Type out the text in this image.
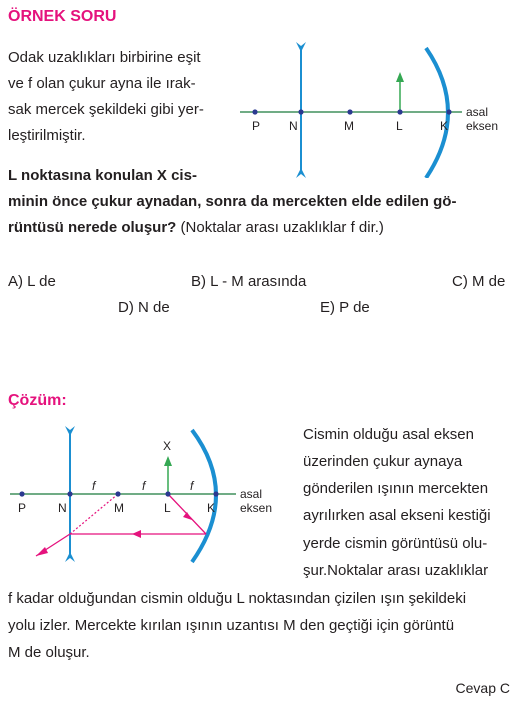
ÖRNEK SORU
Odak uzaklıkları birbirine eşit
ve f olan çukur ayna ile ırak-
sak mercek şekildeki gibi yer-
leştirilmiştir.
P N	M	L	K
asal
eksen
L noktasına konulan X cis-
minin önce çukur aynadan, sonra da mercekten elde edilen gö-
rüntüsü nerede oluşur? (Noktalar arası uzaklıklar f dir.)
A) L de	B) L - M arasında	C) M de
D) N de	E) P de
Çözüm:
X
f	f	f
P	N	M	L	K
asal
eksen
Cismin olduğu asal eksen
üzerinden çukur aynaya
gönderilen ışının mercekten
ayrılırken asal ekseni kestiği
yerde cismin görüntüsü olu-
şur.Noktalar arası uzaklıklar
f kadar olduğundan cismin olduğu L noktasından çizilen ışın şekildeki
yolu izler. Mercekte kırılan ışının uzantısı M den geçtiği için görüntü
M de oluşur.
Cevap C
